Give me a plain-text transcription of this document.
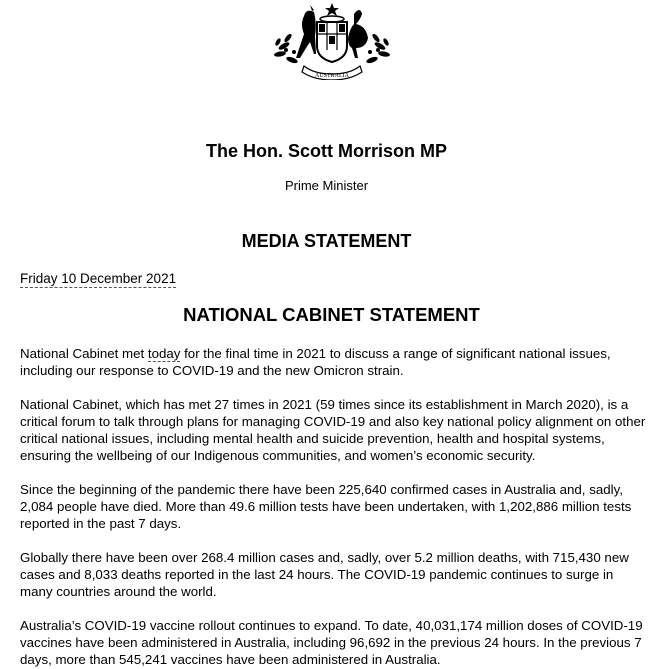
AUSTRALIA
The Hon. Scott Morrison MP
Prime Minister
MEDIA STATEMENT
Friday 10 December 2021
NATIONAL CABINET STATEMENT
National Cabinet met today for the final time in 2021 to discuss a range of significant national issues, including our response to COVID-19 and the new Omicron strain.
National Cabinet, which has met 27 times in 2021 (59 times since its establishment in March 2020), is a critical forum to talk through plans for managing COVID-19 and also key national policy alignment on other critical national issues, including mental health and suicide prevention, health and hospital systems, ensuring the wellbeing of our Indigenous communities, and women’s economic security.
Since the beginning of the pandemic there have been 225,640 confirmed cases in Australia and, sadly, 2,084 people have died. More than 49.6 million tests have been undertaken, with 1,202,886 million tests reported in the past 7 days.
Globally there have been over 268.4 million cases and, sadly, over 5.2 million deaths, with 715,430 new cases and 8,033 deaths reported in the last 24 hours. The COVID-19 pandemic continues to surge in many countries around the world.
Australia’s COVID-19 vaccine rollout continues to expand. To date, 40,031,174 million doses of COVID-19 vaccines have been administered in Australia, including 96,692 in the previous 24 hours. In the previous 7 days, more than 545,241 vaccines have been administered in Australia.
